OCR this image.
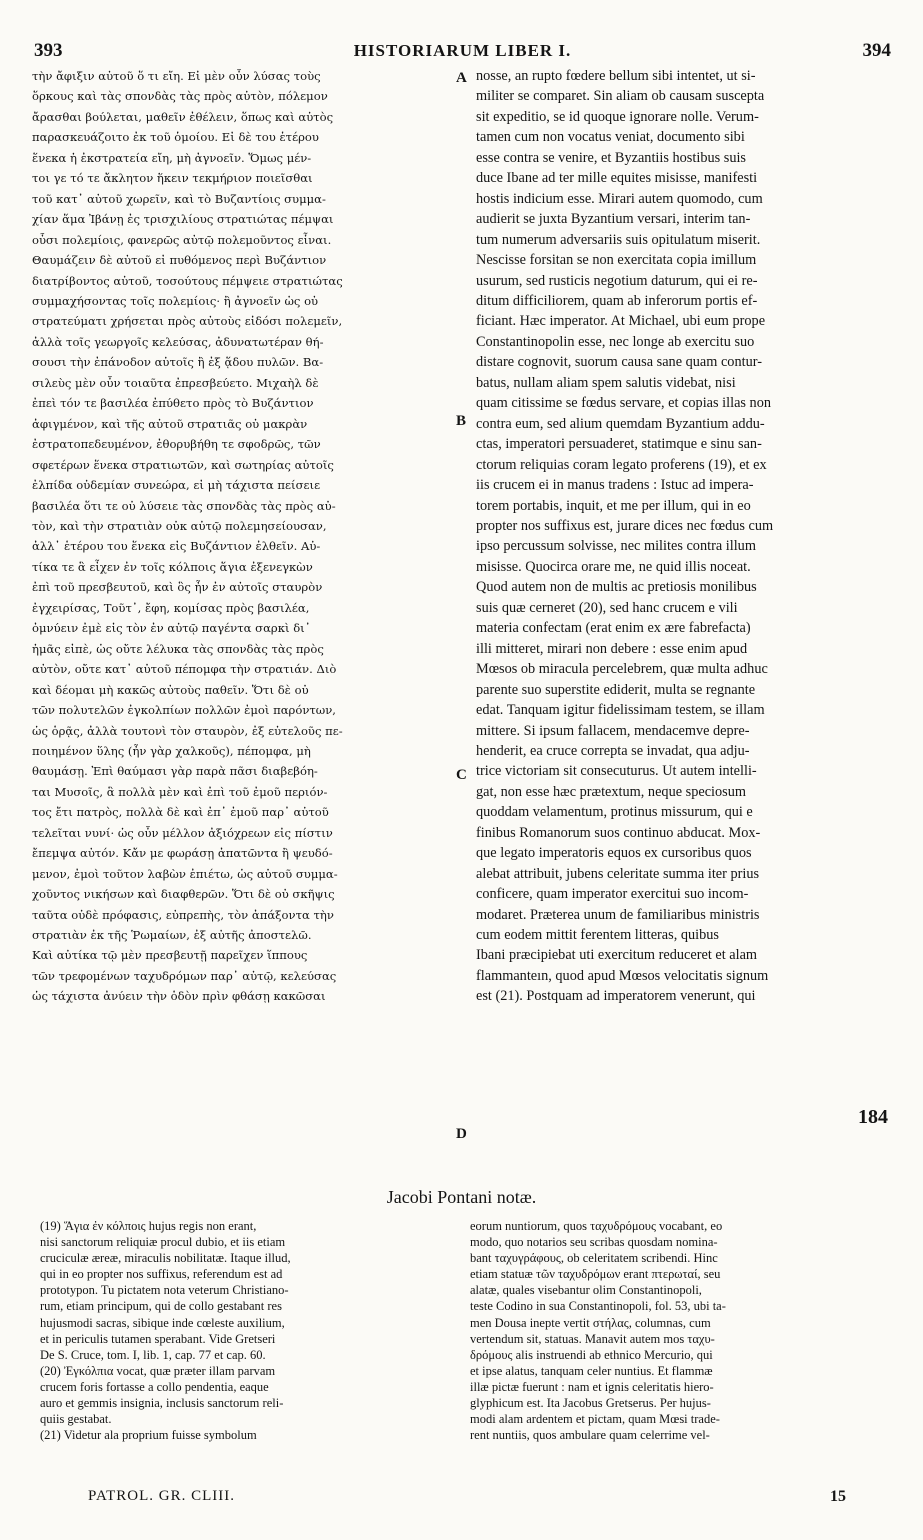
393	HISTORIARUM LIBER I.	394
τὴν ἄφιξιν αὐτοῦ ὅ τι εἴη. Εἰ μὲν οὖν λύσας τοὺς
ὅρκους καὶ τὰς σπονδὰς τὰς πρὸς αὐτὸν, πόλεμον
ἄρασθαι βούλεται, μαθεῖν ἐθέλειν, ὅπως καὶ αὐτὸς
παρασκευάζοιτο ἐκ τοῦ ὁμοίου. Εἰ δὲ του ἑτέρου
ἕνεκα ἡ ἐκστρατεία εἴη, μὴ ἀγνοεῖν. Ὅμως μέν-
τοι γε τό τε ἄκλητον ἥκειν τεκμήριον ποιεῖσθαι
τοῦ κατ᾽ αὐτοῦ χωρεῖν, καὶ τὸ Βυζαντίοις συμμα-
χίαν ἅμα Ἰβάνῃ ἐς τρισχιλίους στρατιώτας πέμψαι
οὖσι πολεμίοις, φανερῶς αὐτῷ πολεμοῦντος εἶναι.
Θαυμάζειν δὲ αὐτοῦ εἰ πυθόμενος περὶ Βυζάντιον
διατρίβοντος αὐτοῦ, τοσούτους πέμψειε στρατιώτας
συμμαχήσοντας τοῖς πολεμίοις· ἢ ἀγνοεῖν ὡς οὐ
στρατεύματι χρήσεται πρὸς αὐτοὺς εἰδόσι πολεμεῖν,
ἀλλὰ τοῖς γεωργοῖς κελεύσας, ἀδυνατωτέραν θή-
σουσι τὴν ἐπάνοδον αὐτοῖς ἢ ἐξ ᾅδου πυλῶν. Βα-
σιλεὺς μὲν οὖν τοιαῦτα ἐπρεσβεύετο. Μιχαὴλ δὲ
ἐπεὶ τόν τε βασιλέα ἐπύθετο πρὸς τὸ Βυζάντιον
ἀφιγμένον, καὶ τῆς αὐτοῦ στρατιᾶς οὐ μακρὰν
ἐστρατοπεδευμένον, ἐθορυβήθη τε σφοδρῶς, τῶν
σφετέρων ἕνεκα στρατιωτῶν, καὶ σωτηρίας αὐτοῖς
ἐλπίδα οὐδεμίαν συνεώρα, εἰ μὴ τάχιστα πείσειε
βασιλέα ὅτι τε οὐ λύσειε τὰς σπονδὰς τὰς πρὸς αὐ-
τὸν, καὶ τὴν στρατιὰν οὐκ αὐτῷ πολεμησείουσαν,
ἀλλ᾽ ἑτέρου του ἕνεκα εἰς Βυζάντιον ἐλθεῖν. Αὐ-
τίκα τε ἃ εἶχεν ἐν τοῖς κόλποις ἅγια ἐξενεγκὼν
ἐπὶ τοῦ πρεσβευτοῦ, καὶ ὃς ἦν ἐν αὐτοῖς σταυρὸν
ἐγχειρίσας, Τοῦτ᾽, ἔφη, κομίσας πρὸς βασιλέα,
ὀμνύειν ἐμὲ εἰς τὸν ἐν αὐτῷ παγέντα σαρκὶ δι᾽
ἡμᾶς εἰπὲ, ὡς οὔτε λέλυκα τὰς σπονδὰς τὰς πρὸς
αὐτὸν, οὔτε κατ᾽ αὐτοῦ πέπομφα τὴν στρατιάν. Διὸ
καὶ δέομαι μὴ κακῶς αὐτοὺς παθεῖν. Ὅτι δὲ οὐ
τῶν πολυτελῶν ἐγκολπίων πολλῶν ἐμοὶ παρόντων,
ὡς ὁρᾷς, ἀλλὰ τουτονὶ τὸν σταυρὸν, ἐξ εὐτελοῦς πε-
ποιημένον ὕλης (ἦν γὰρ χαλκοῦς), πέπομφα, μὴ
θαυμάσῃ. Ἐπὶ θαύμασι γὰρ παρὰ πᾶσι διαβεβόη-
ται Μυσοῖς, ἃ πολλὰ μὲν καὶ ἐπὶ τοῦ ἐμοῦ περιόν-
τος ἔτι πατρὸς, πολλὰ δὲ καὶ ἐπ᾽ ἐμοῦ παρ᾽ αὐτοῦ
τελεῖται νυνί· ὡς οὖν μέλλον ἀξιόχρεων εἰς πίστιν
ἔπεμψα αὐτόν. Κἄν με φωράσῃ ἀπατῶντα ἢ ψευδό-
μενον, ἐμοὶ τοῦτον λαβὼν ἐπιέτω, ὡς αὐτοῦ συμμα-
χοῦντος νικήσων καὶ διαφθερῶν. Ὅτι δὲ οὐ σκῆψις
ταῦτα οὐδὲ πρόφασις, εὐπρεπὴς, τὸν ἀπάξοντα τὴν
στρατιὰν ἐκ τῆς Ῥωμαίων, ἐξ αὐτῆς ἀποστελῶ.
Καὶ αὐτίκα τῷ μὲν πρεσβευτῇ παρεῖχεν ἵππους
τῶν τρεφομένων ταχυδρόμων παρ᾽ αὐτῷ, κελεύσας
ὡς τάχιστα ἀνύειν τὴν ὁδὸν πρὶν φθάσῃ κακῶσαι
nosse, an rupto fœdere bellum sibi intentet, ut si-
militer se comparet. Sin aliam ob causam suscepta
sit expeditio, se id quoque ignorare nolle. Verum-
tamen cum non vocatus veniat, documento sibi
esse contra se venire, et Byzantiis hostibus suis
duce Ibane ad ter mille equites misisse, manifesti
hostis indicium esse. Mirari autem quomodo, cum
audierit se juxta Byzantium versari, interim tan-
tum numerum adversariis suis opitulatum miserit.
Nescisse forsitan se non exercitata copia imillum
usurum, sed rusticis negotium daturum, qui ei re-
ditum difficiliorem, quam ab inferorum portis ef-
ficiant. Hæc imperator. At Michael, ubi eum prope
Constantinopolin esse, nec longe ab exercitu suo
distare cognovit, suorum causa sane quam contur-
batus, nullam aliam spem salutis videbat, nisi
quam citissime se fœdus servare, et copias illas non
contra eum, sed alium quemdam Byzantium addu-
ctas, imperatori persuaderet, statimque e sinu san-
ctorum reliquias coram legato proferens (19), et ex
iis crucem ei in manus tradens : Istuc ad impera-
torem portabis, inquit, et me per illum, qui in eo
propter nos suffixus est, jurare dices nec fœdus cum
ipso percussum solvisse, nec milites contra illum
misisse. Quocirca orare me, ne quid illis noceat.
Quod autem non de multis ac pretiosis monilibus
suis quæ cerneret (20), sed hanc crucem e vili
materia confectam (erat enim ex ære fabrefacta)
illi mitteret, mirari non debere : esse enim apud
Mœsos ob miracula percelebrem, quæ multa adhuc
parente suo superstite ediderit, multa se regnante
edat. Tanquam igitur fidelissimam testem, se illam
mittere. Si ipsum fallacem, mendacemve depre-
henderit, ea cruce correpta se invadat, qua adju-
trice victoriam sit consecuturus. Ut autem intelli-
gat, non esse hæc prætextum, neque speciosum
quoddam velamentum, protinus missurum, qui e
finibus Romanorum suos continuo abducat. Mox-
que legato imperatoris equos ex cursoribus quos
alebat attribuit, jubens celeritate summa iter prius
conficere, quam imperator exercitui suo incom-
modaret. Præterea unum de familiaribus ministris
cum eodem mittit ferentem litteras, quibus
Ibani præcipiebat uti exercitum reduceret et alam
flammanteın, quod apud Mœsos velocitatis signum
est (21). Postquam ad imperatorem venerunt, qui
A
B
C
D
184
Jacobi Pontani notæ.
(19) Ἅγια ἐν κόλποις hujus regis non erant,
nisi sanctorum reliquiæ procul dubio, et iis etiam
cruciculæ æreæ, miraculis nobilitatæ. Itaque illud,
qui in eo propter nos suffixus, referendum est ad
prototypon. Tu pictatem nota veterum Christiano-
rum, etiam principum, qui de collo gestabant res
hujusmodi sacras, sibique inde cœleste auxilium,
et in periculis tutamen sperabant. Vide Gretseri
De S. Cruce, tom. I, lib. 1, cap. 77 et cap. 60.
(20) Ἐγκόλπια vocat, quæ præter illam parvam
crucem foris fortasse a collo pendentia, eaque
auro et gemmis insignia, inclusis sanctorum reli-
quiis gestabat.
(21) Videtur ala proprium fuisse symbolum
eorum nuntiorum, quos ταχυδρόμους vocabant, eo
modo, quo notarios seu scribas quosdam nomina-
bant ταχυγράφους, ob celeritatem scribendi. Hinc
etiam statuæ τῶν ταχυδρόμων erant πτερωταί, seu
alatæ, quales visebantur olim Constantinopoli,
teste Codino in sua Constantinopoli, fol. 53, ubi ta-
men Dousa inepte vertit στήλας, columnas, cum
vertendum sit, statuas. Manavit autem mos ταχυ-
δρόμους alis instruendi ab ethnico Mercurio, qui
et ipse alatus, tanquam celer nuntius. Et flammæ
illæ pictæ fuerunt : nam et ignis celeritatis hiero-
glyphicum est. Ita Jacobus Gretserus. Per hujus-
modi alam ardentem et pictam, quam Mœsi trade-
rent nuntiis, quos ambulare quam celerrime vel-
PATROL. GR. CLIII.	15
